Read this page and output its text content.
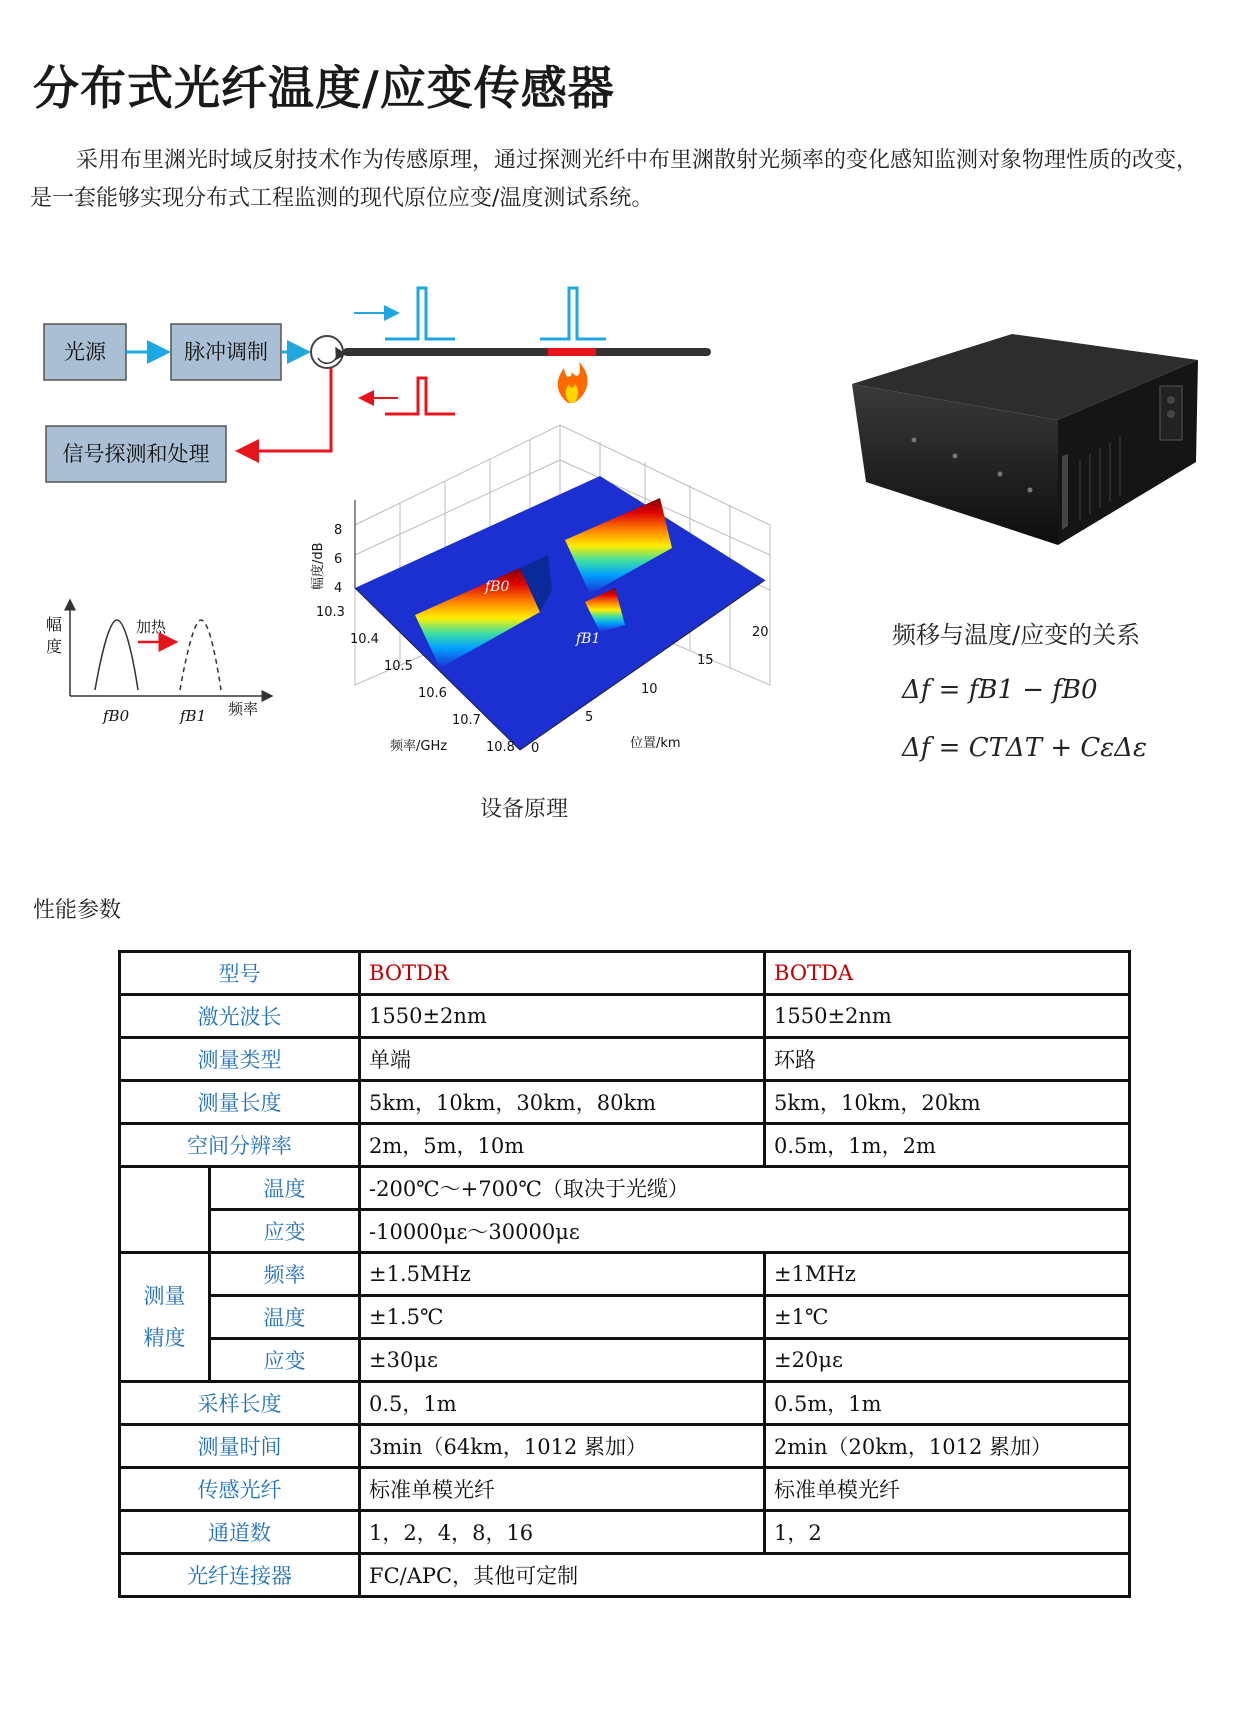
分布式光纤温度/应变传感器
采用布里渊光时域反射技术作为传感原理，通过探测光纤中布里渊散射光频率的变化感知监测对象物理性质的改变，是一套能够实现分布式工程监测的现代原位应变/温度测试系统。
光源	脉冲调制
信号探测和处理
幅
度
加热
fB0	fB1 频率
fB0
fB1
8
6
4
幅度/dB
10.3
10.4
10.5
10.6
10.7
10.8
频率/GHz	0
5
10
15
20
位置/km
频移与温度/应变的关系
Δf = fB1 − fB0
Δf = CTΔT + CεΔε
设备原理
性能参数
型号		BOTDR	BOTDA
激光波长		1550±2nm	1550±2nm
测量类型		单端	环路
测量长度		5km，10km，30km，80km	5km，10km，20km
空间分辨率		2m，5m，10m	0.5m，1m，2m
	温度	-200℃～+700℃（取决于光缆）	
	应变	-10000με～30000με	

测量
精度	频率	±1.5MHz	±1MHz
	温度	±1.5℃	±1℃
	应变	±30με	±20με
采样长度		0.5，1m	0.5m，1m
测量时间		3min（64km，1012 累加）	2min（20km，1012 累加）
传感光纤		标准单模光纤	标准单模光纤
通道数		1，2，4，8，16	1，2
光纤连接器		FC/APC，其他可定制	
